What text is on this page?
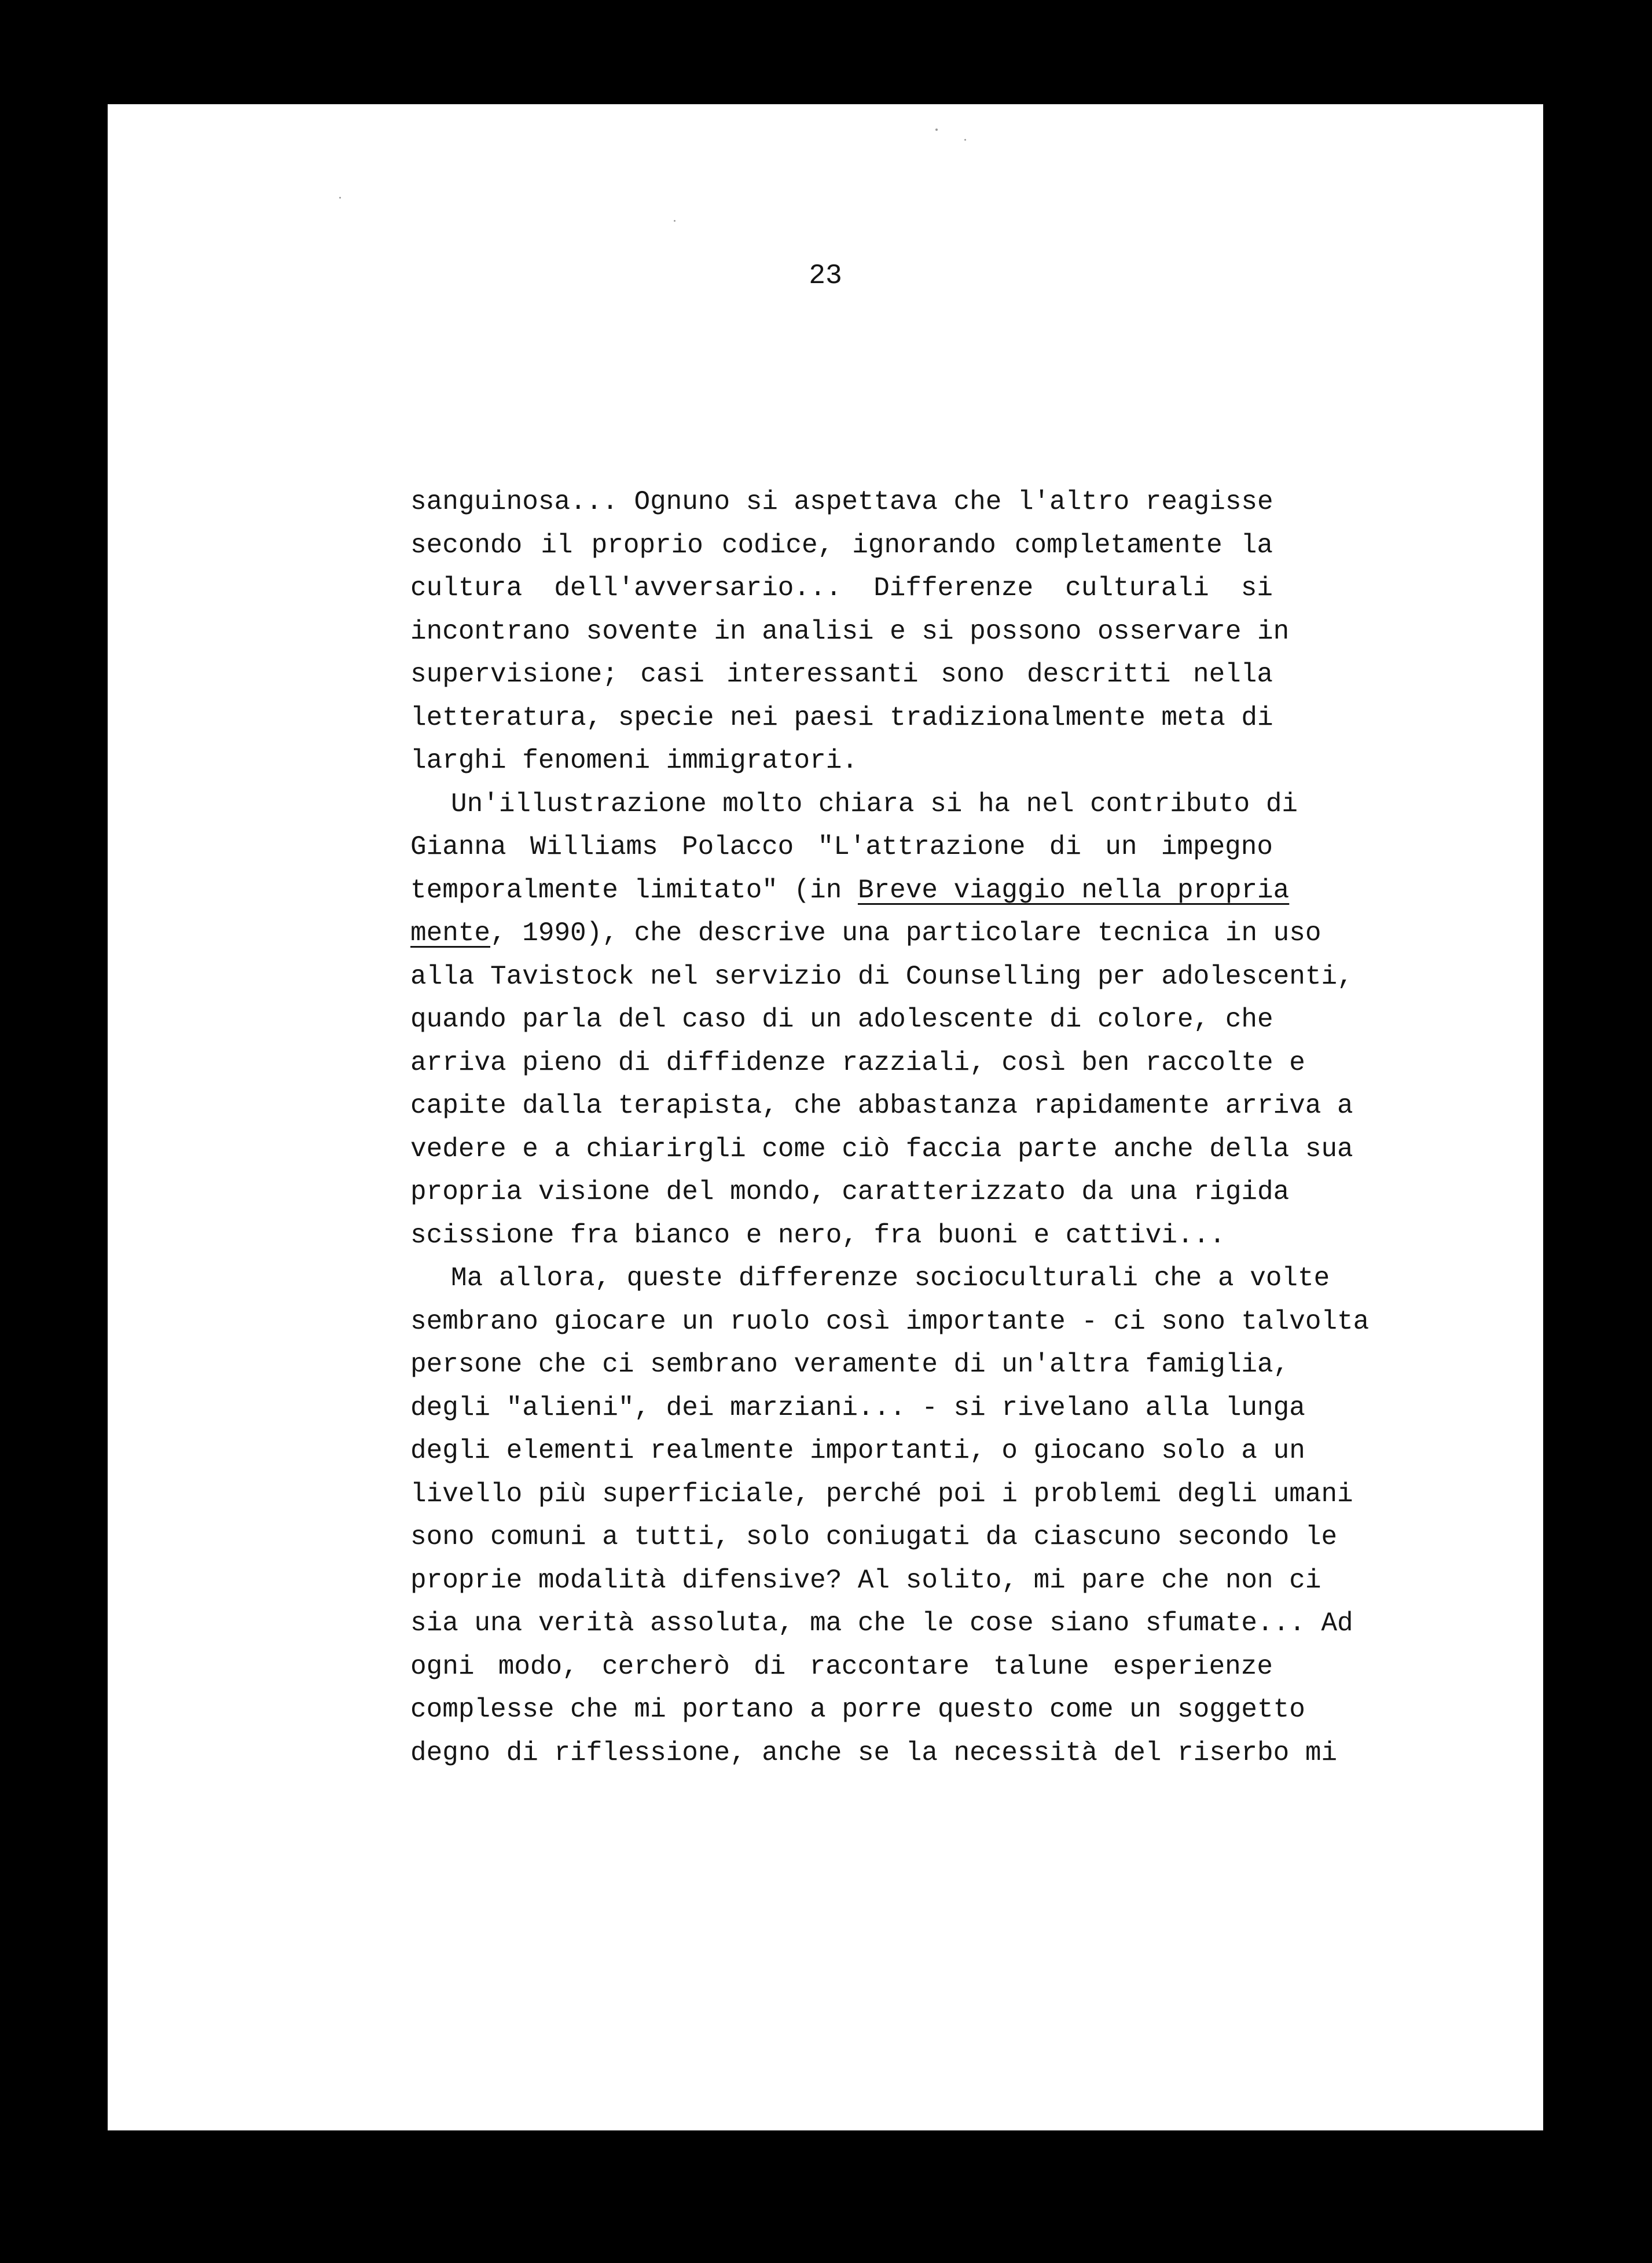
23
sanguinosa... Ognuno si aspettava che l'altro reagisse
secondo il proprio codice, ignorando completamente la
cultura dell'avversario... Differenze culturali si
incontrano sovente in analisi e si possono osservare in
supervisione; casi interessanti sono descritti nella
letteratura, specie nei paesi tradizionalmente meta di
larghi fenomeni immigratori.
Un'illustrazione molto chiara si ha nel contributo di
Gianna Williams Polacco "L'attrazione di un impegno
temporalmente limitato" (in Breve viaggio nella propria
mente, 1990), che descrive una particolare tecnica in uso
alla Tavistock nel servizio di Counselling per adolescenti,
quando parla del caso di un adolescente di colore, che
arriva pieno di diffidenze razziali, così ben raccolte e
capite dalla terapista, che abbastanza rapidamente arriva a
vedere e a chiarirgli come ciò faccia parte anche della sua
propria visione del mondo, caratterizzato da una rigida
scissione fra bianco e nero, fra buoni e cattivi...
Ma allora, queste differenze socioculturali che a volte
sembrano giocare un ruolo così importante - ci sono talvolta
persone che ci sembrano veramente di un'altra famiglia,
degli "alieni", dei marziani... - si rivelano alla lunga
degli elementi realmente importanti, o giocano solo a un
livello più superficiale, perché poi i problemi degli umani
sono comuni a tutti, solo coniugati da ciascuno secondo le
proprie modalità difensive? Al solito, mi pare che non ci
sia una verità assoluta, ma che le cose siano sfumate... Ad
ogni modo, cercherò di raccontare talune esperienze
complesse che mi portano a porre questo come un soggetto
degno di riflessione, anche se la necessità del riserbo mi
